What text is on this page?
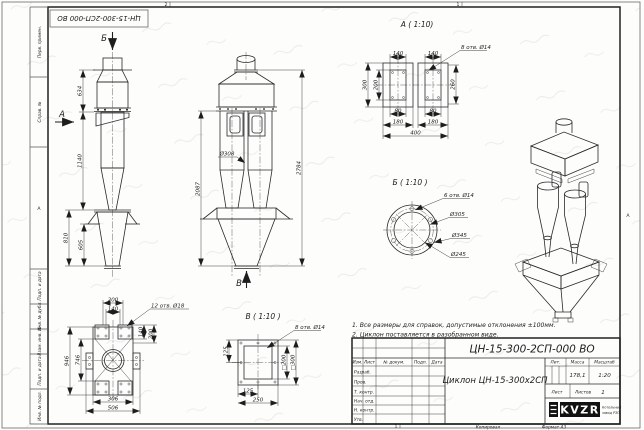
Перв. примен.
Справ. №
Подп. и дата
Инв. № дубл.
Взам. инв. №
Подп. и дата
Инв. № подл.
1
2
1
А
А
ЦН-15-300-2СП-000 ВО
Б
А
634
1140
810
605
Ø308
2087
2784
В
А ( 1:10)
140	140
8 отв. Ø14
300 200	260
80	80
180	180
400
Б ( 1:10 )
6 отв. Ø14
Ø305
Ø345
Ø245
В ( 1:10 )
8 отв. Ø14
125
□200 □300
125
250
200
140	12 отв. Ø18
140 200
946 746
306
506
1. Все размеры для справок, допустимые отклонения ±100мм.
2. Циклон поставляется в разобранном виде.
ЦН-15-300-2СП-000 ВО
Изм. Лист № докум. Подп. Дата
Разраб.
Пров.
Т. контр.
Нач. отд.
Н. контр.
Утв.
Циклон ЦН-15-300х2СП
Лит. Масса Масштаб
178,1 1:20
Лист	Листов 1
KVZR Котельный
завод РЗП
Копировал	Формат А3
